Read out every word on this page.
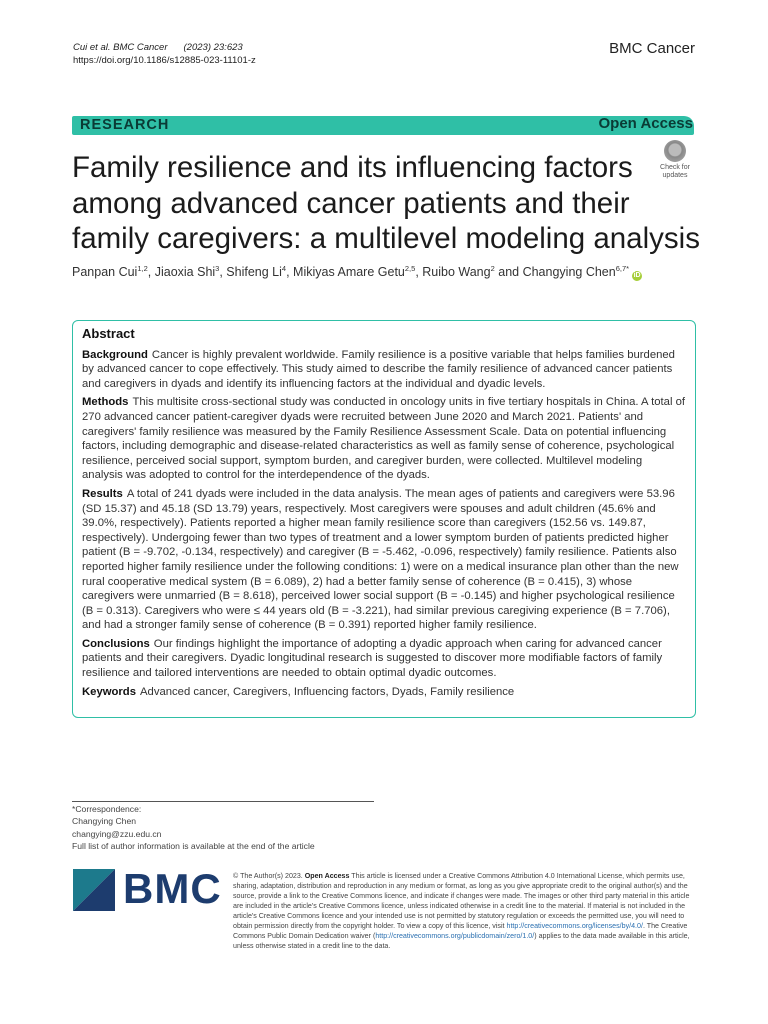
Cui et al. BMC Cancer (2023) 23:623
https://doi.org/10.1186/s12885-023-11101-z
BMC Cancer
RESEARCH	Open Access
Check for
updates
Family resilience and its influencing factors among advanced cancer patients and their family caregivers: a multilevel modeling analysis
Panpan Cui$^{1,2}$, Jiaoxia Shi$^3$, Shifeng Li$^4$, Mikiyas Amare Getu$^{2,5}$, Ruibo Wang$^2$ and Changying Chen$^{6,7*}$iD
Abstract

Background Cancer is highly prevalent worldwide. Family resilience is a positive variable that helps families burdened by advanced cancer to cope effectively. This study aimed to describe the family resilience of advanced cancer patients and caregivers in dyads and identify its influencing factors at the individual and dyadic levels.

Methods This multisite cross-sectional study was conducted in oncology units in five tertiary hospitals in China. A total of 270 advanced cancer patient-caregiver dyads were recruited between June 2020 and March 2021. Patients' and caregivers' family resilience was measured by the Family Resilience Assessment Scale. Data on potential influencing factors, including demographic and disease-related characteristics as well as family sense of coherence, psychological resilience, perceived social support, symptom burden, and caregiver burden, were collected. Multilevel modeling analysis was adopted to control for the interdependence of the dyads.

Results A total of 241 dyads were included in the data analysis. The mean ages of patients and caregivers were 53.96 (SD 15.37) and 45.18 (SD 13.79) years, respectively. Most caregivers were spouses and adult children (45.6% and 39.0%, respectively). Patients reported a higher mean family resilience score than caregivers (152.56 vs. 149.87, respectively). Undergoing fewer than two types of treatment and a lower symptom burden of patients predicted higher patient (B = -9.702, -0.134, respectively) and caregiver (B = -5.462, -0.096, respectively) family resilience. Patients also reported higher family resilience under the following conditions: 1) were on a medical insurance plan other than the new rural cooperative medical system (B = 6.089), 2) had a better family sense of coherence (B = 0.415), 3) whose caregivers were unmarried (B = 8.618), perceived lower social support (B = -0.145) and higher psychological resilience (B = 0.313). Caregivers who were ≤ 44 years old (B = -3.221), had similar previous caregiving experience (B = 7.706), and had a stronger family sense of coherence (B = 0.391) reported higher family resilience.

Conclusions Our findings highlight the importance of adopting a dyadic approach when caring for advanced cancer patients and their caregivers. Dyadic longitudinal research is suggested to discover more modifiable factors of family resilience and tailored interventions are needed to obtain optimal dyadic outcomes.

Keywords Advanced cancer, Caregivers, Influencing factors, Dyads, Family resilience

*Correspondence:
Changying Chen
changying@zzu.edu.cn
Full list of author information is available at the end of the article
BMC © The Author(s) 2023. Open Access This article is licensed under a Creative Commons Attribution 4.0 International License, which permits use, sharing, adaptation, distribution and reproduction in any medium or format, as long as you give appropriate credit to the original author(s) and the source, provide a link to the Creative Commons licence, and indicate if changes were made. The images or other third party material in this article are included in the article's Creative Commons licence, unless indicated otherwise in a credit line to the material. If material is not included in the article's Creative Commons licence and your intended use is not permitted by statutory regulation or exceeds the permitted use, you will need to obtain permission directly from the copyright holder. To view a copy of this licence, visit http://creativecommons.org/licenses/by/4.0/. The Creative Commons Public Domain Dedication waiver (http://creativecommons.org/publicdomain/zero/1.0/) applies to the data made available in this article, unless otherwise stated in a credit line to the data.
